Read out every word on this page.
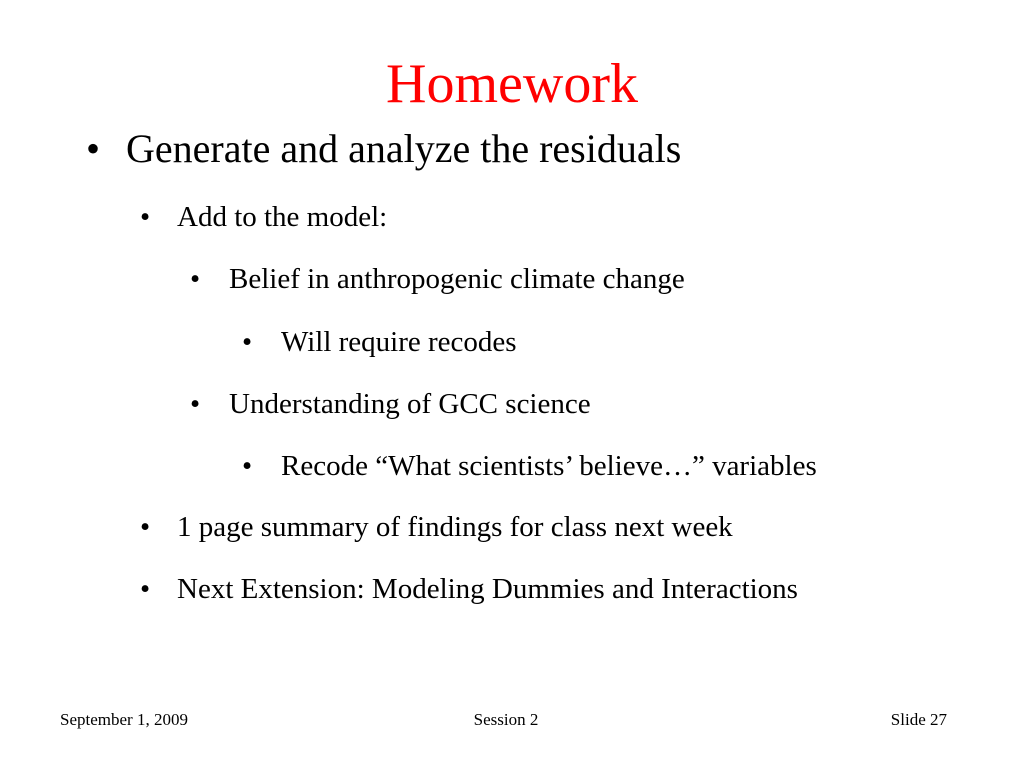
Homework
• Generate and analyze the residuals
• Add to the model:
• Belief in anthropogenic climate change
• Will require recodes
• Understanding of GCC science
• Recode “What scientists’ believe…” variables
• 1 page summary of findings for class next week
• Next Extension: Modeling Dummies and Interactions
September 1, 2009	Session 2	Slide 27
